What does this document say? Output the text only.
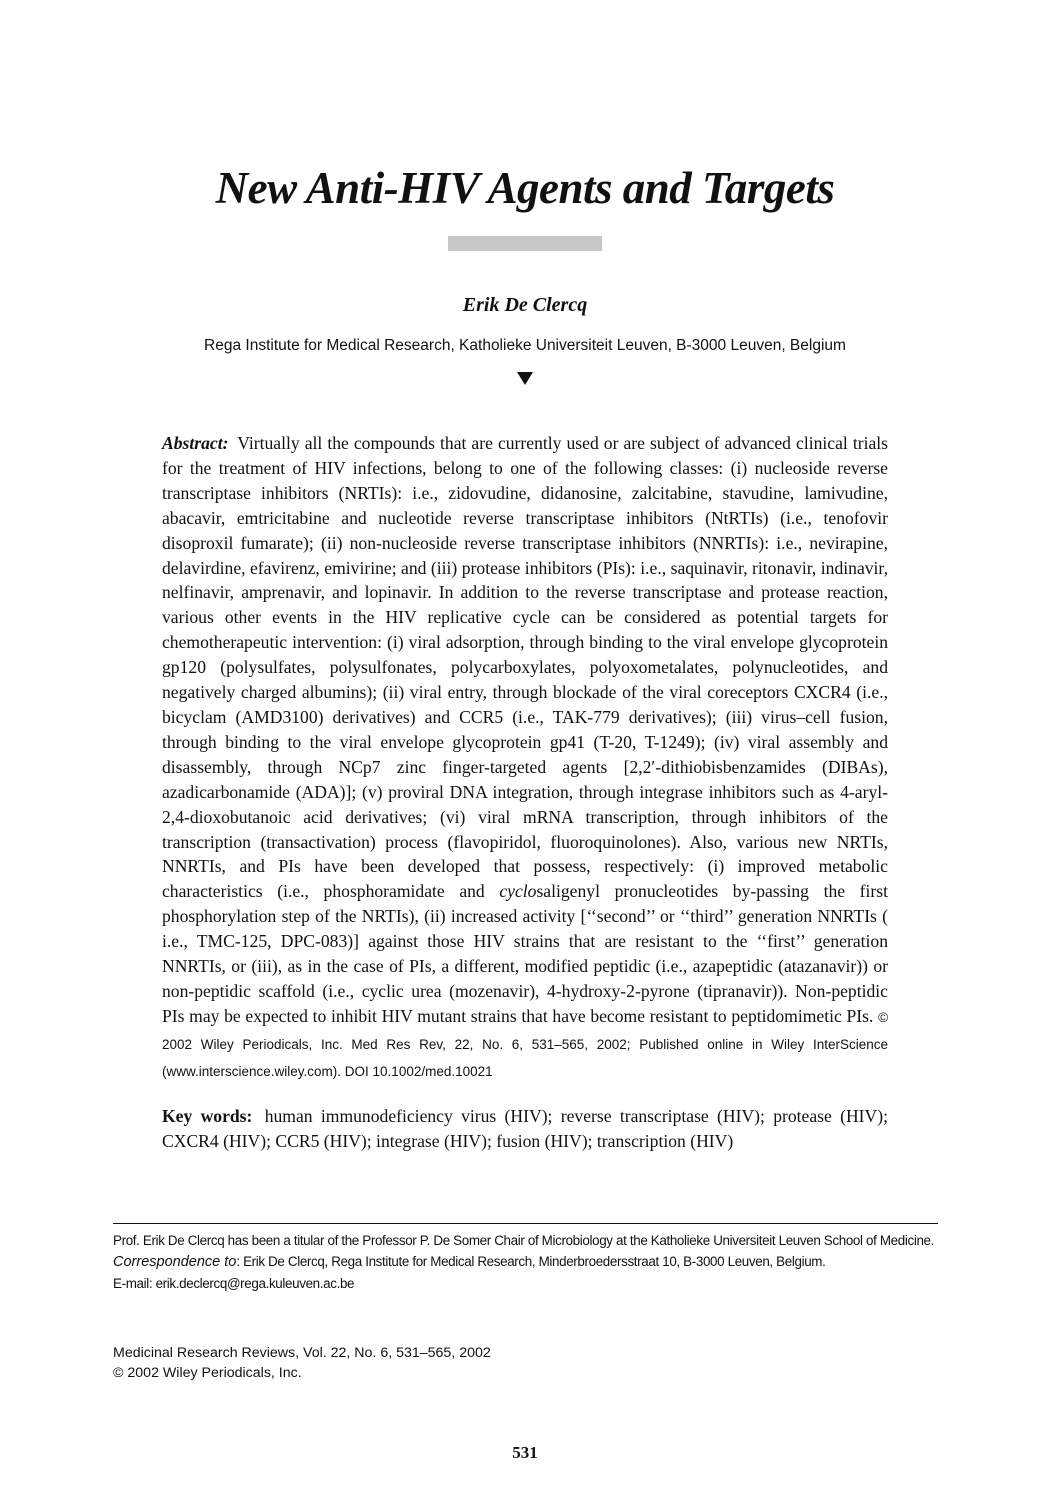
New Anti-HIV Agents and Targets
Erik De Clercq
Rega Institute for Medical Research, Katholieke Universiteit Leuven, B-3000 Leuven, Belgium
Abstract: Virtually all the compounds that are currently used or are subject of advanced clinical trials for the treatment of HIV infections, belong to one of the following classes: (i) nucleoside reverse transcriptase inhibitors (NRTIs): i.e., zidovudine, didanosine, zalcitabine, stavudine, lamivudine, abacavir, emtricitabine and nucleotide reverse transcriptase inhibitors (NtRTIs) (i.e., tenofovir disoproxil fumarate); (ii) non-nucleoside reverse transcriptase inhibitors (NNRTIs): i.e., nevirapine, delavirdine, efavirenz, emivirine; and (iii) protease inhibitors (PIs): i.e., saquinavir, ritonavir, indinavir, nelfinavir, amprenavir, and lopinavir. In addition to the reverse transcriptase and protease reaction, various other events in the HIV replicative cycle can be considered as potential targets for chemotherapeutic intervention: (i) viral adsorption, through binding to the viral envelope glycoprotein gp120 (polysulfates, polysulfonates, polycarboxylates, polyoxometalates, polynucleotides, and negatively charged albumins); (ii) viral entry, through blockade of the viral coreceptors CXCR4 (i.e., bicyclam (AMD3100) derivatives) and CCR5 (i.e., TAK-779 derivatives); (iii) virus–cell fusion, through binding to the viral envelope glycoprotein gp41 (T-20, T-1249); (iv) viral assembly and disassembly, through NCp7 zinc finger-targeted agents [2,2′-dithiobisbenzamides (DIBAs), azadicarbonamide (ADA)]; (v) proviral DNA integration, through integrase inhibitors such as 4-aryl-2,4-dioxobutanoic acid derivatives; (vi) viral mRNA transcription, through inhibitors of the transcription (transactivation) process (flavopiridol, fluoroquinolones). Also, various new NRTIs, NNRTIs, and PIs have been developed that possess, respectively: (i) improved metabolic characteristics (i.e., phosphoramidate and cyclosaligenyl pronucleotides by-passing the first phosphorylation step of the NRTIs), (ii) increased activity [‘‘second’’ or ‘‘third’’ generation NNRTIs ( i.e., TMC-125, DPC-083)] against those HIV strains that are resistant to the ‘‘first’’ generation NNRTIs, or (iii), as in the case of PIs, a different, modified peptidic (i.e., azapeptidic (atazanavir)) or non-peptidic scaffold (i.e., cyclic urea (mozenavir), 4-hydroxy-2-pyrone (tipranavir)). Non-peptidic PIs may be expected to inhibit HIV mutant strains that have become resistant to peptidomimetic PIs. © 2002 Wiley Periodicals, Inc. Med Res Rev, 22, No. 6, 531–565, 2002; Published online in Wiley InterScience (www.interscience.wiley.com). DOI 10.1002/med.10021
Key words: human immunodeficiency virus (HIV); reverse transcriptase (HIV); protease (HIV); CXCR4 (HIV); CCR5 (HIV); integrase (HIV); fusion (HIV); transcription (HIV)

Prof. Erik De Clercq has been a titular of the Professor P. De Somer Chair of Microbiology at the Katholieke Universiteit Leuven School of Medicine.

Correspondence to: Erik De Clercq, Rega Institute for Medical Research, Minderbroedersstraat 10, B-3000 Leuven, Belgium.

E-mail: erik.declercq@rega.kuleuven.ac.be

Medicinal Research Reviews, Vol. 22, No. 6, 531–565, 2002

© 2002 Wiley Periodicals, Inc.

531
